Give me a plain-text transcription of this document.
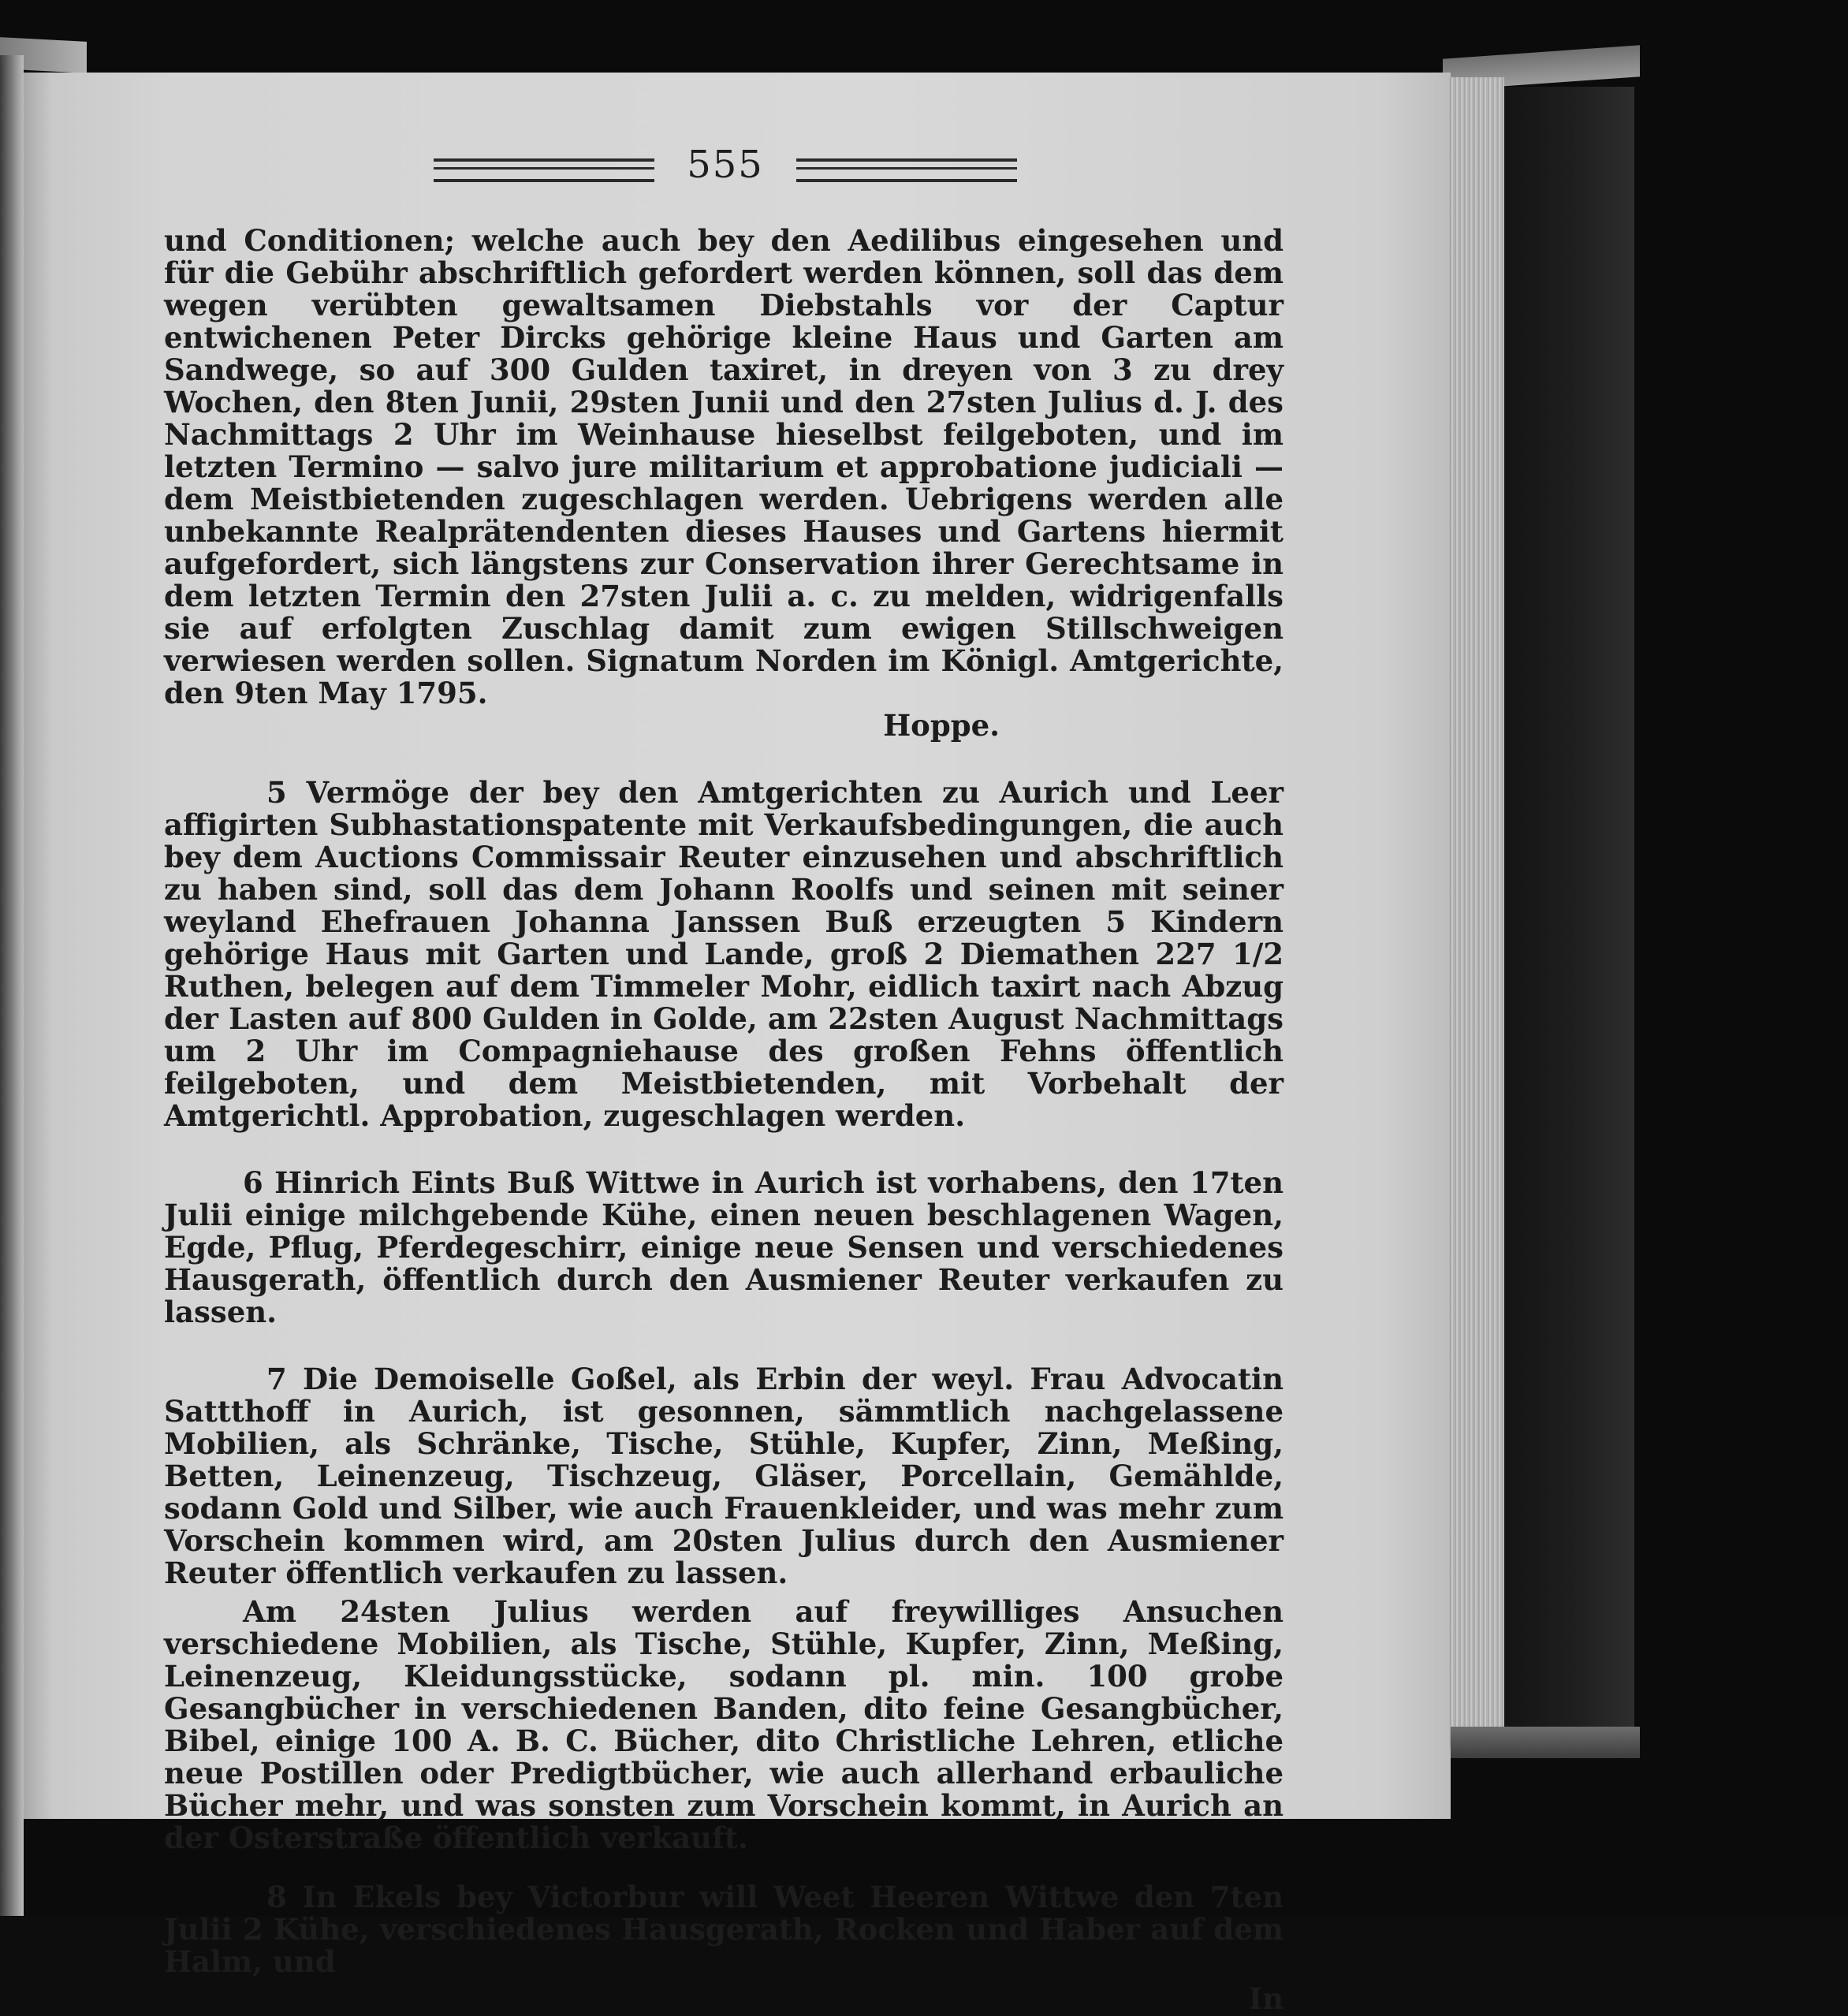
555

und Conditionen; welche auch bey den Aedilibus eingesehen und für die Gebühr abschriftlich gefordert werden können, soll das dem wegen verübten gewaltsamen Diebstahls vor der Captur entwichenen Peter Dircks gehörige kleine Haus und Garten am Sandwege, so auf 300 Gulden taxiret, in dreyen von 3 zu drey Wochen, den 8ten Junii, 29sten Junii und den 27sten Julius d. J. des Nachmittags 2 Uhr im Weinhause hieselbst feilgeboten, und im letzten Termino — salvo jure militarium et approbatione judiciali — dem Meistbietenden zugeschlagen werden. Uebrigens werden alle unbekannte Realprätendenten dieses Hauses und Gartens hiermit aufgefordert, sich längstens zur Conservation ihrer Gerechtsame in dem letzten Termin den 27sten Julii a. c. zu melden, widrigenfalls sie auf erfolgten Zuschlag damit zum ewigen Stillschweigen verwiesen werden sollen. Signatum Norden im Königl. Amtgerichte, den 9ten May 1795.

Hoppe.

5 Vermöge der bey den Amtgerichten zu Aurich und Leer affigirten Subhastationspatente mit Verkaufsbedingungen, die auch bey dem Auctions Commissair Reuter einzusehen und abschriftlich zu haben sind, soll das dem Johann Roolfs und seinen mit seiner weyland Ehefrauen Johanna Janssen Buß erzeugten 5 Kindern gehörige Haus mit Garten und Lande, groß 2 Diemathen 227 1/2 Ruthen, belegen auf dem Timmeler Mohr, eidlich taxirt nach Abzug der Lasten auf 800 Gulden in Golde, am 22sten August Nachmittags um 2 Uhr im Compagniehause des großen Fehns öffentlich feilgeboten, und dem Meistbietenden, mit Vorbehalt der Amtgerichtl. Approbation, zugeschlagen werden.

6 Hinrich Eints Buß Wittwe in Aurich ist vorhabens, den 17ten Julii einige milchgebende Kühe, einen neuen beschlagenen Wagen, Egde, Pflug, Pferdegeschirr, einige neue Sensen und verschiedenes Hausgerath, öffentlich durch den Ausmiener Reuter verkaufen zu lassen.

7 Die Demoiselle Goßel, als Erbin der weyl. Frau Advocatin Sattthoff in Aurich, ist gesonnen, sämmtlich nachgelassene Mobilien, als Schränke, Tische, Stühle, Kupfer, Zinn, Meßing, Betten, Leinenzeug, Tischzeug, Gläser, Porcellain, Gemählde, sodann Gold und Silber, wie auch Frauenkleider, und was mehr zum Vorschein kommen wird, am 20sten Julius durch den Ausmiener Reuter öffentlich verkaufen zu lassen.

Am 24sten Julius werden auf freywilliges Ansuchen verschiedene Mobilien, als Tische, Stühle, Kupfer, Zinn, Meßing, Leinenzeug, Kleidungsstücke, sodann pl. min. 100 grobe Gesangbücher in verschiedenen Banden, dito feine Gesangbücher, Bibel, einige 100 A. B. C. Bücher, dito Christliche Lehren, etliche neue Postillen oder Predigtbücher, wie auch allerhand erbauliche Bücher mehr, und was sonsten zum Vorschein kommt, in Aurich an der Osterstraße öffentlich verkauft.

8 In Ekels bey Victorbur will Weet Heeren Wittwe den 7ten Julii 2 Kühe, verschiedenes Hausgerath, Rocken und Haber auf dem Halm, und

In
